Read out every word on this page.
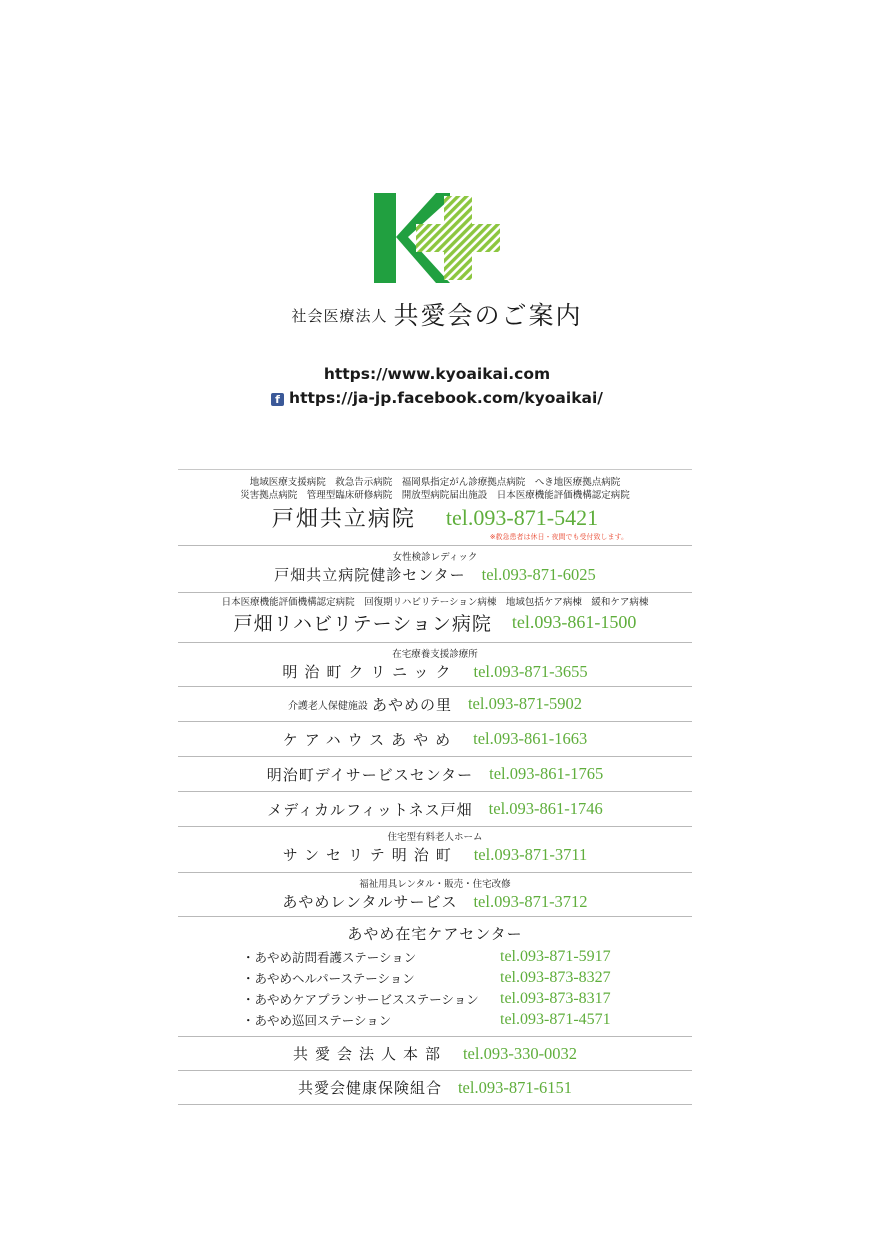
社会医療法人 共愛会のご案内
https://www.kyoaikai.com
f https://ja-jp.facebook.com/kyoaikai/
地域医療支援病院　救急告示病院　福岡県指定がん診療拠点病院　へき地医療拠点病院
災害拠点病院　管理型臨床研修病院　開放型病院届出施設　日本医療機能評価機構認定病院
戸畑共立病院 tel.093-871-5421
※救急患者は休日・夜間でも受付致します。
女性検診レディック
戸畑共立病院健診センター tel.093-871-6025
日本医療機能評価機構認定病院　回復期リハビリテーション病棟　地域包括ケア病棟　緩和ケア病棟
戸畑リハビリテーション病院 tel.093-861-1500
在宅療養支援診療所
明治町クリニック tel.093-871-3655
介護老人保健施設 あやめの里 tel.093-871-5902
ケアハウスあやめ tel.093-861-1663
明治町デイサービスセンター tel.093-861-1765
メディカルフィットネス戸畑 tel.093-861-1746
住宅型有料老人ホーム
サンセリテ明治町 tel.093-871-3711
福祉用具レンタル・販売・住宅改修
あやめレンタルサービス tel.093-871-3712
あやめ在宅ケアセンター
・あやめ訪問看護ステーション	tel.093-871-5917
・あやめヘルパーステーション	tel.093-873-8327
・あやめケアプランサービスステーション	tel.093-873-8317
・あやめ巡回ステーション	tel.093-871-4571
共愛会法人本部 tel.093-330-0032
共愛会健康保険組合 tel.093-871-6151
